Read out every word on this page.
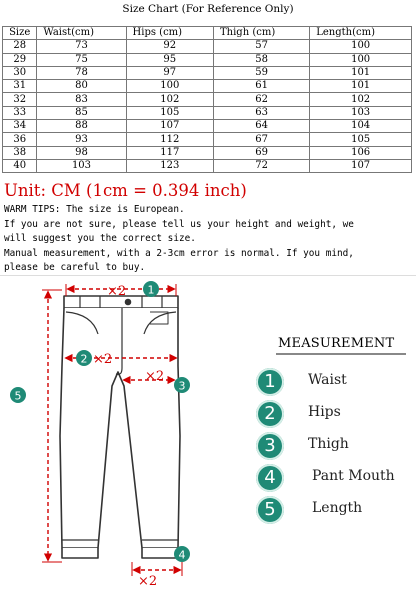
Size Chart (For Reference Only)
Size	Waist(cm)	Hips (cm)	Thigh (cm)	Length(cm)
28	73	92	57	100
29	75	95	58	100
30	78	97	59	101
31	80	100	61	101
32	83	102	62	102
33	85	105	63	103
34	88	107	64	104
36	93	112	67	105
38	98	117	69	106
40	103	123	72	107
Unit: CM (1cm = 0.394 inch)
WARM TIPS: The size is European.
If you are not sure, please tell us your height and weight, we
will suggest you the correct size.
Manual measurement, with a 2-3cm error is normal. If you mind,
please be careful to buy.
×2 1
2 ×2
×2
3
5
×2
4
MEASUREMENT
1	Waist
2	Hips
3	Thigh
4	Pant Mouth
5	Length
